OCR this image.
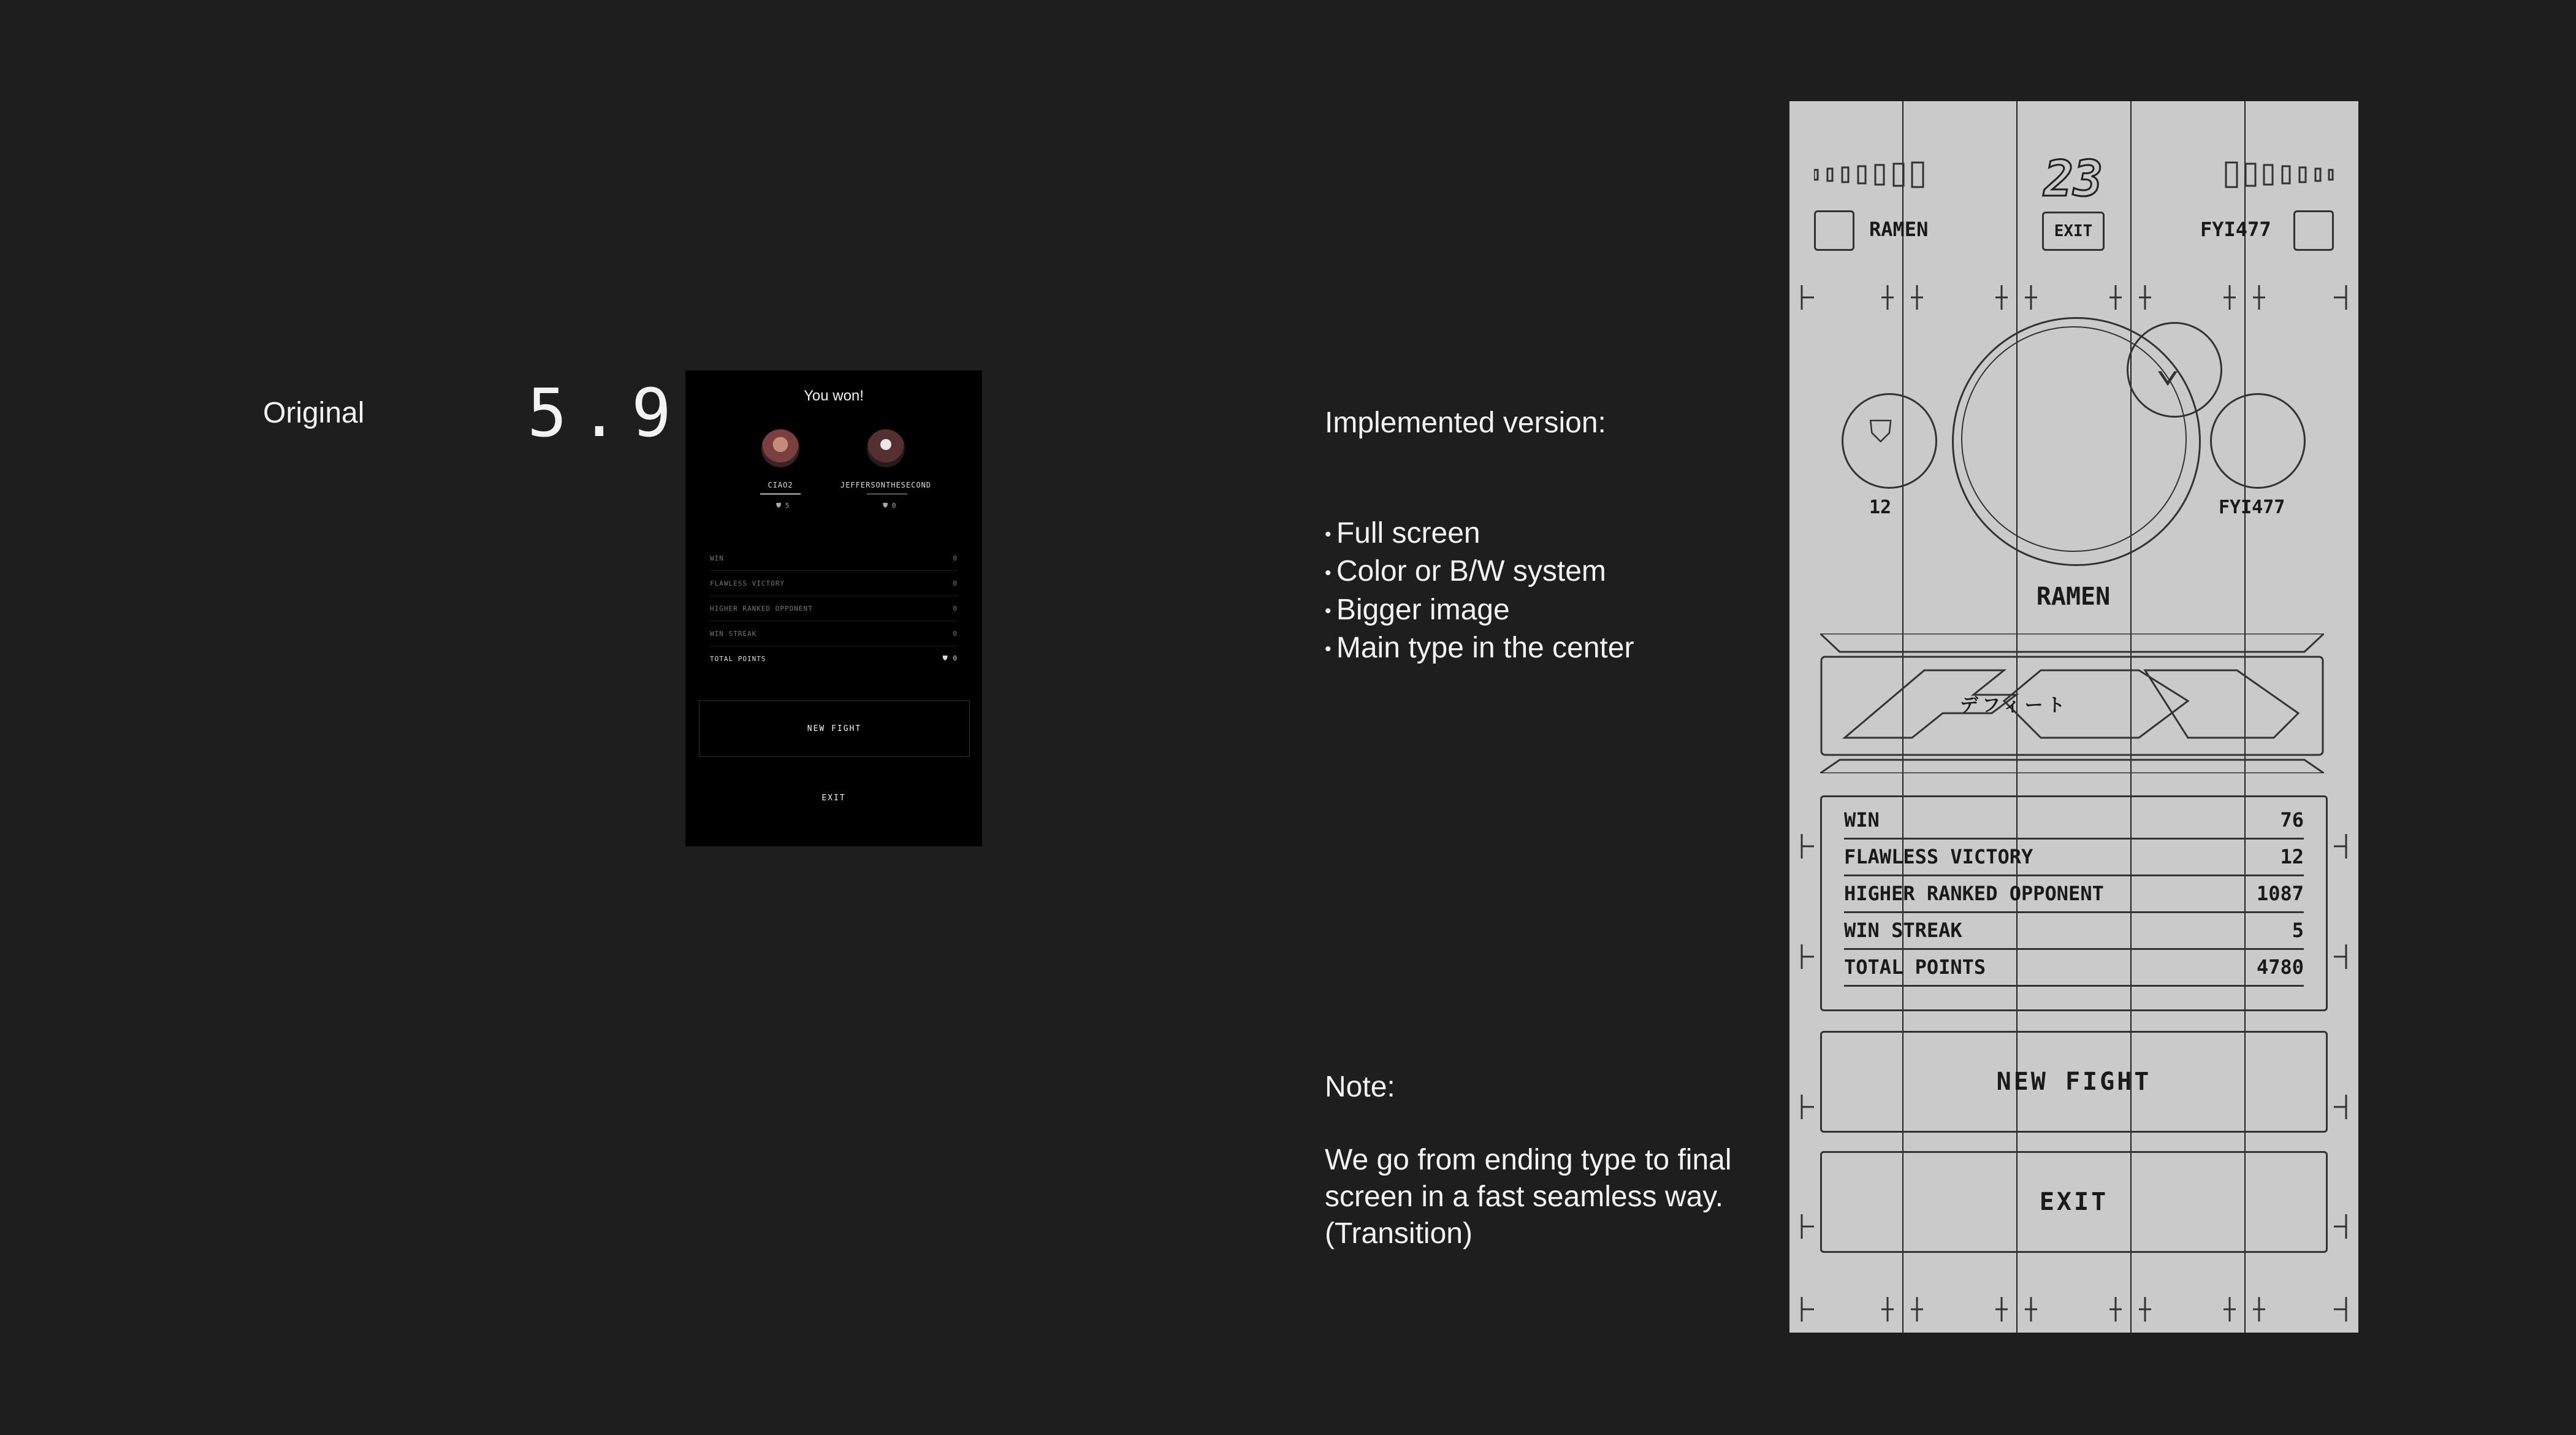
Original 5.9	You won!
CIAO2	JEFFERSONTHESECOND
⛊ 5	⛊ 0
WIN	0
FLAWLESS VICTORY	0
HIGHER RANKED OPPONENT	0
WIN STREAK	0
TOTAL POINTS	⛊ 0
NEW FIGHT
EXIT
Implemented version:
• Full screen
• Color or B/W system
• Bigger image
• Main type in the center
Note:
We go from ending type to final screen in a fast seamless way. (Transition)
23
RAMEN	EXIT	FYI477
⛉
⌄
12	FYI477
RAMEN
デフィート
WIN	76
FLAWLESS VICTORY	12
HIGHER RANKED OPPONENT	1087
WIN STREAK	5
TOTAL POINTS	4780
NEW FIGHT
EXIT
